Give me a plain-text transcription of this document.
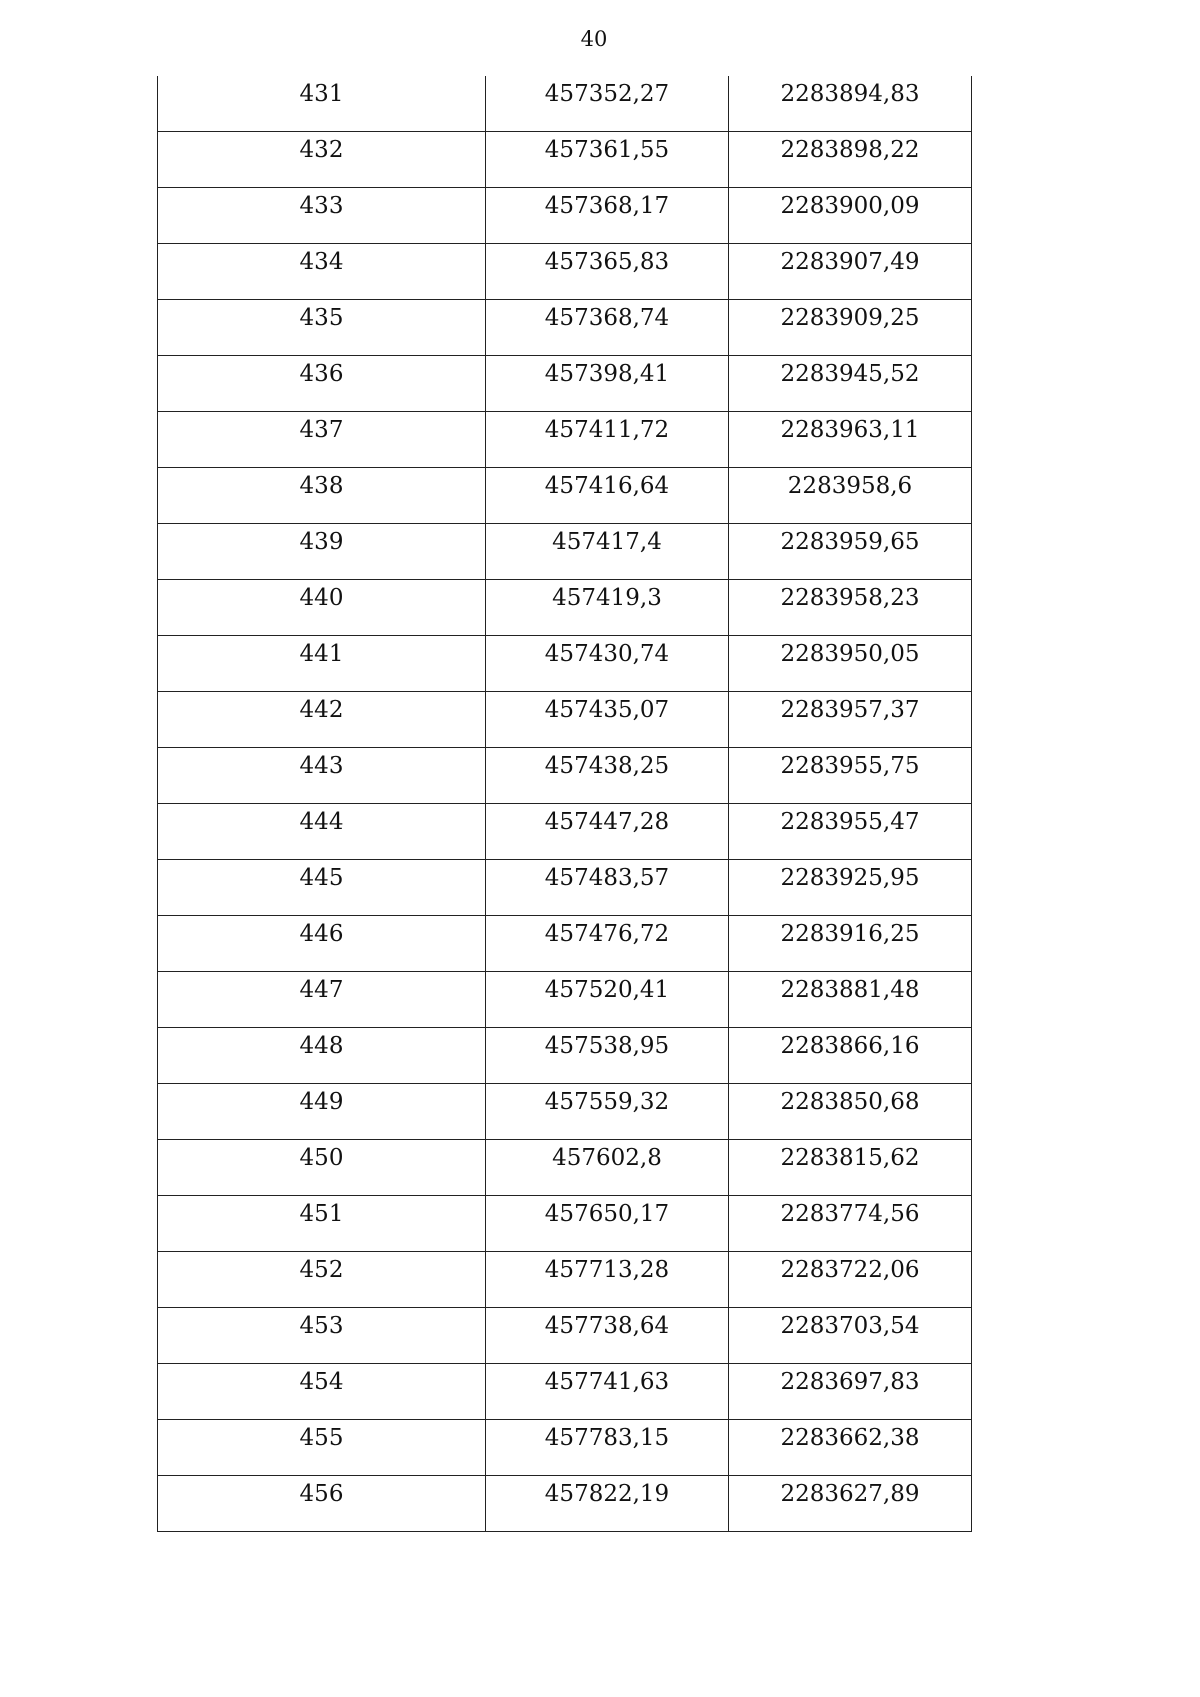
40
431	457352,27	2283894,83
432	457361,55	2283898,22
433	457368,17	2283900,09
434	457365,83	2283907,49
435	457368,74	2283909,25
436	457398,41	2283945,52
437	457411,72	2283963,11
438	457416,64	2283958,6
439	457417,4	2283959,65
440	457419,3	2283958,23
441	457430,74	2283950,05
442	457435,07	2283957,37
443	457438,25	2283955,75
444	457447,28	2283955,47
445	457483,57	2283925,95
446	457476,72	2283916,25
447	457520,41	2283881,48
448	457538,95	2283866,16
449	457559,32	2283850,68
450	457602,8	2283815,62
451	457650,17	2283774,56
452	457713,28	2283722,06
453	457738,64	2283703,54
454	457741,63	2283697,83
455	457783,15	2283662,38
456	457822,19	2283627,89
